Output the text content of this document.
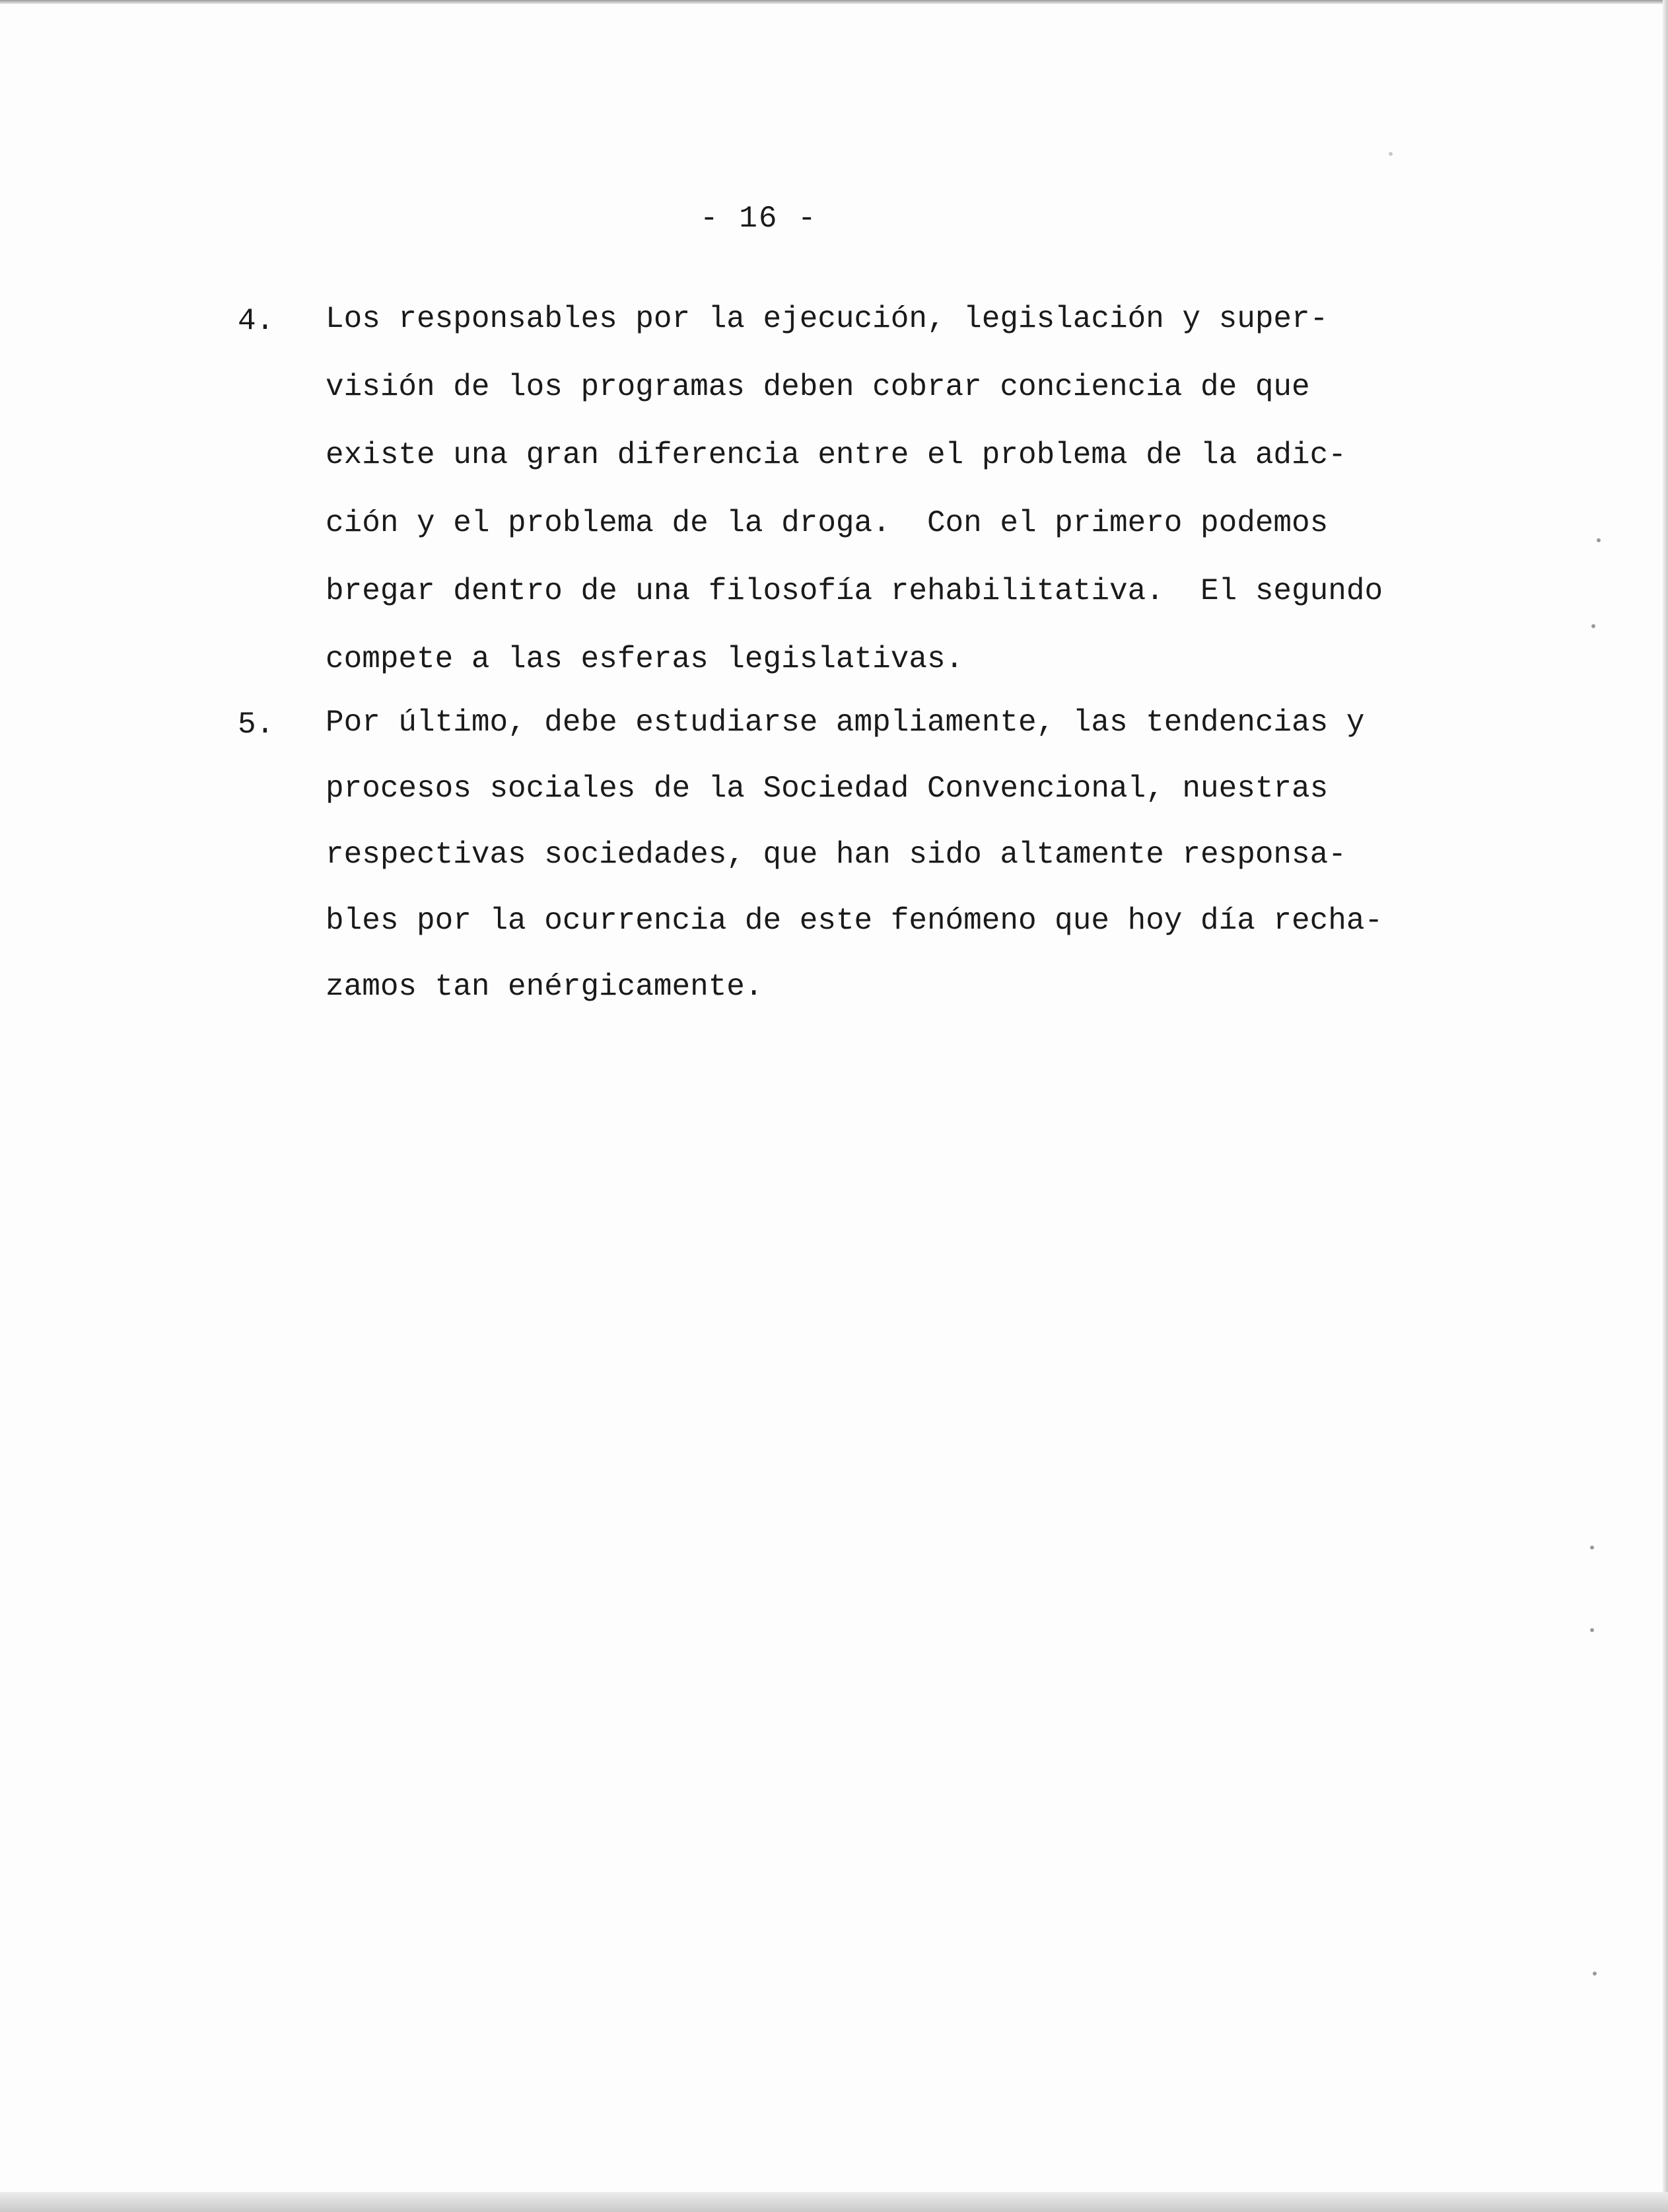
- 16 -
4. Los responsables por la ejecución, legislación y super-
visión de los programas deben cobrar conciencia de que
existe una gran diferencia entre el problema de la adic-
ción y el problema de la droga.  Con el primero podemos
bregar dentro de una filosofía rehabilitativa.  El segundo
compete a las esferas legislativas.
5. Por último, debe estudiarse ampliamente, las tendencias y
procesos sociales de la Sociedad Convencional, nuestras
respectivas sociedades, que han sido altamente responsa-
bles por la ocurrencia de este fenómeno que hoy día recha-
zamos tan enérgicamente.
